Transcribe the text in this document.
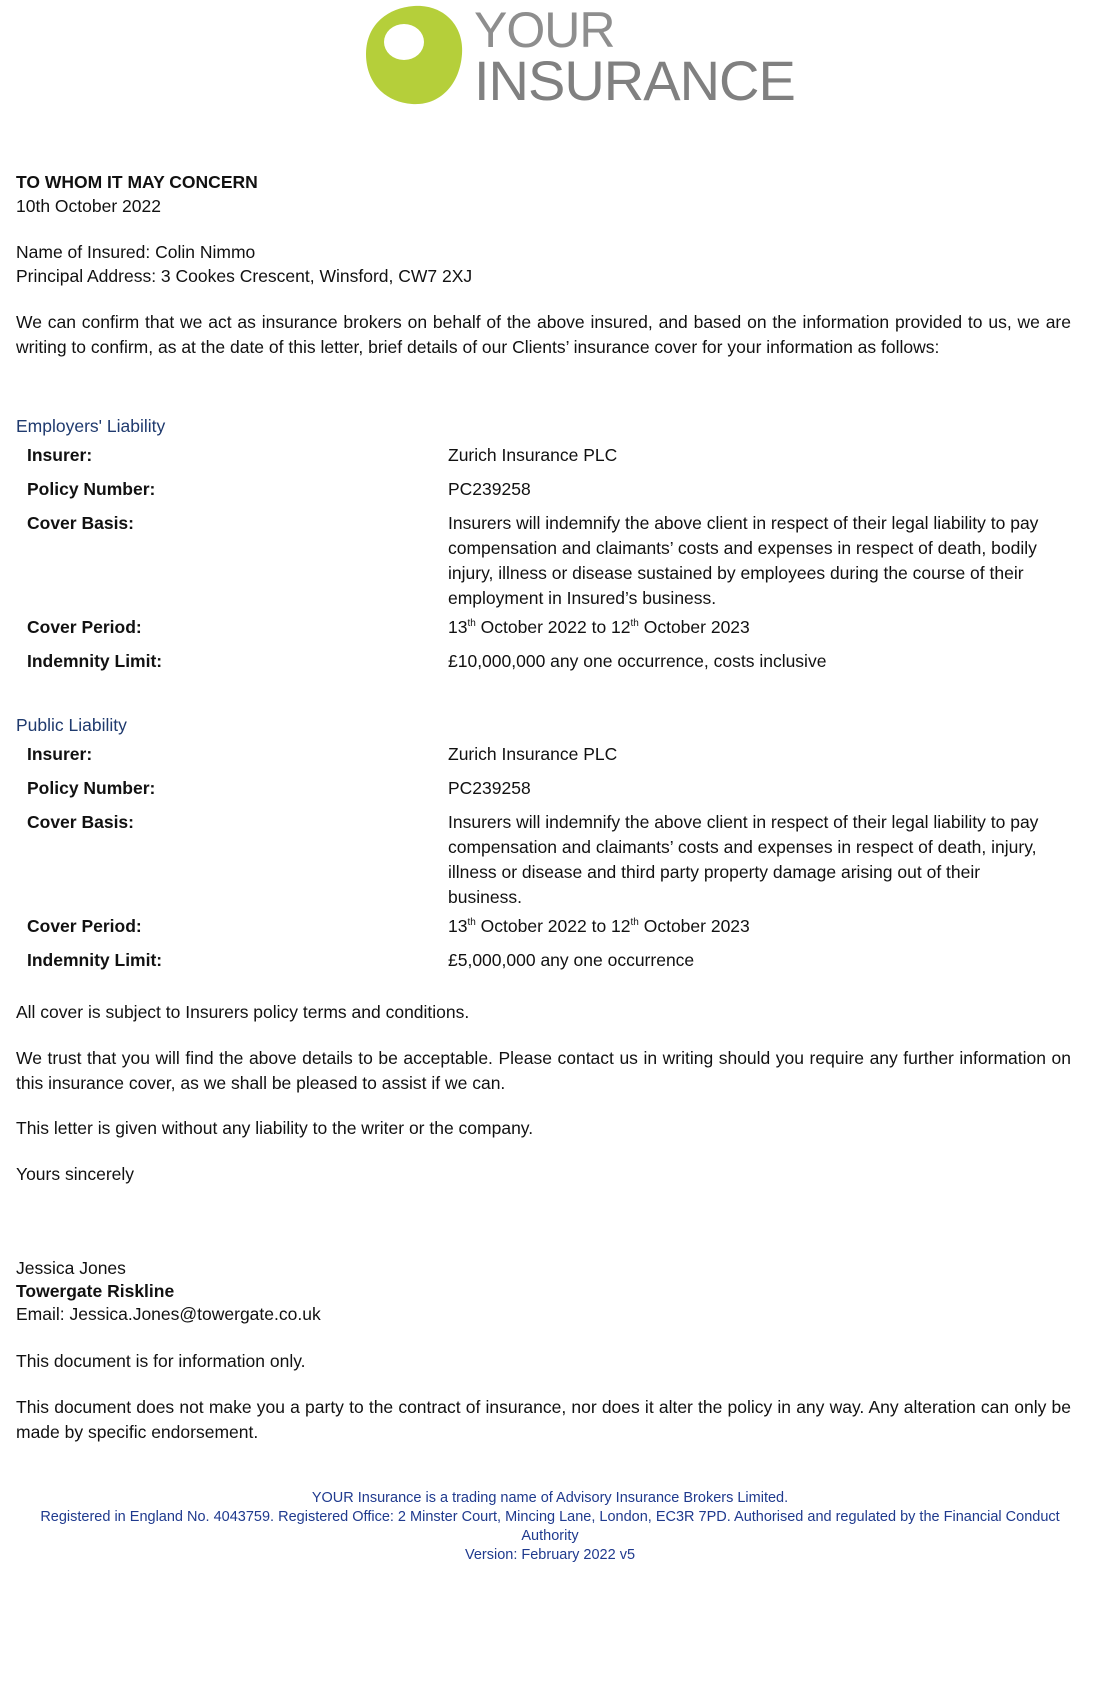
YOUR
INSURANCE
TO WHOM IT MAY CONCERN
10th October 2022
Name of Insured: Colin Nimmo
Principal Address: 3 Cookes Crescent, Winsford, CW7 2XJ
We can confirm that we act as insurance brokers on behalf of the above insured, and based on the information provided to us, we are writing to confirm, as at the date of this letter, brief details of our Clients’ insurance cover for your information as follows:
Employers' Liability
Insurer:	Zurich Insurance PLC
Policy Number:	PC239258
Cover Basis:	Insurers will indemnify the above client in respect of their legal liability to pay compensation and claimants’ costs and expenses in respect of death, bodily injury, illness or disease sustained by employees during the course of their employment in Insured’s business.
Cover Period:	13th October 2022 to 12th October 2023
Indemnity Limit:	£10,000,000 any one occurrence, costs inclusive
Public Liability
Insurer:	Zurich Insurance PLC
Policy Number:	PC239258
Cover Basis:	Insurers will indemnify the above client in respect of their legal liability to pay compensation and claimants’ costs and expenses in respect of death, injury, illness or disease and third party property damage arising out of their business.
Cover Period:	13th October 2022 to 12th October 2023
Indemnity Limit:	£5,000,000 any one occurrence
All cover is subject to Insurers policy terms and conditions.
We trust that you will find the above details to be acceptable. Please contact us in writing should you require any further information on this insurance cover, as we shall be pleased to assist if we can.
This letter is given without any liability to the writer or the company.
Yours sincerely
Jessica Jones
Towergate Riskline
Email: Jessica.Jones@towergate.co.uk
This document is for information only.
This document does not make you a party to the contract of insurance, nor does it alter the policy in any way. Any alteration can only be made by specific endorsement.
YOUR Insurance is a trading name of Advisory Insurance Brokers Limited.
Registered in England No. 4043759. Registered Office: 2 Minster Court, Mincing Lane, London, EC3R 7PD. Authorised and regulated by the Financial Conduct
Authority
Version: February 2022 v5
